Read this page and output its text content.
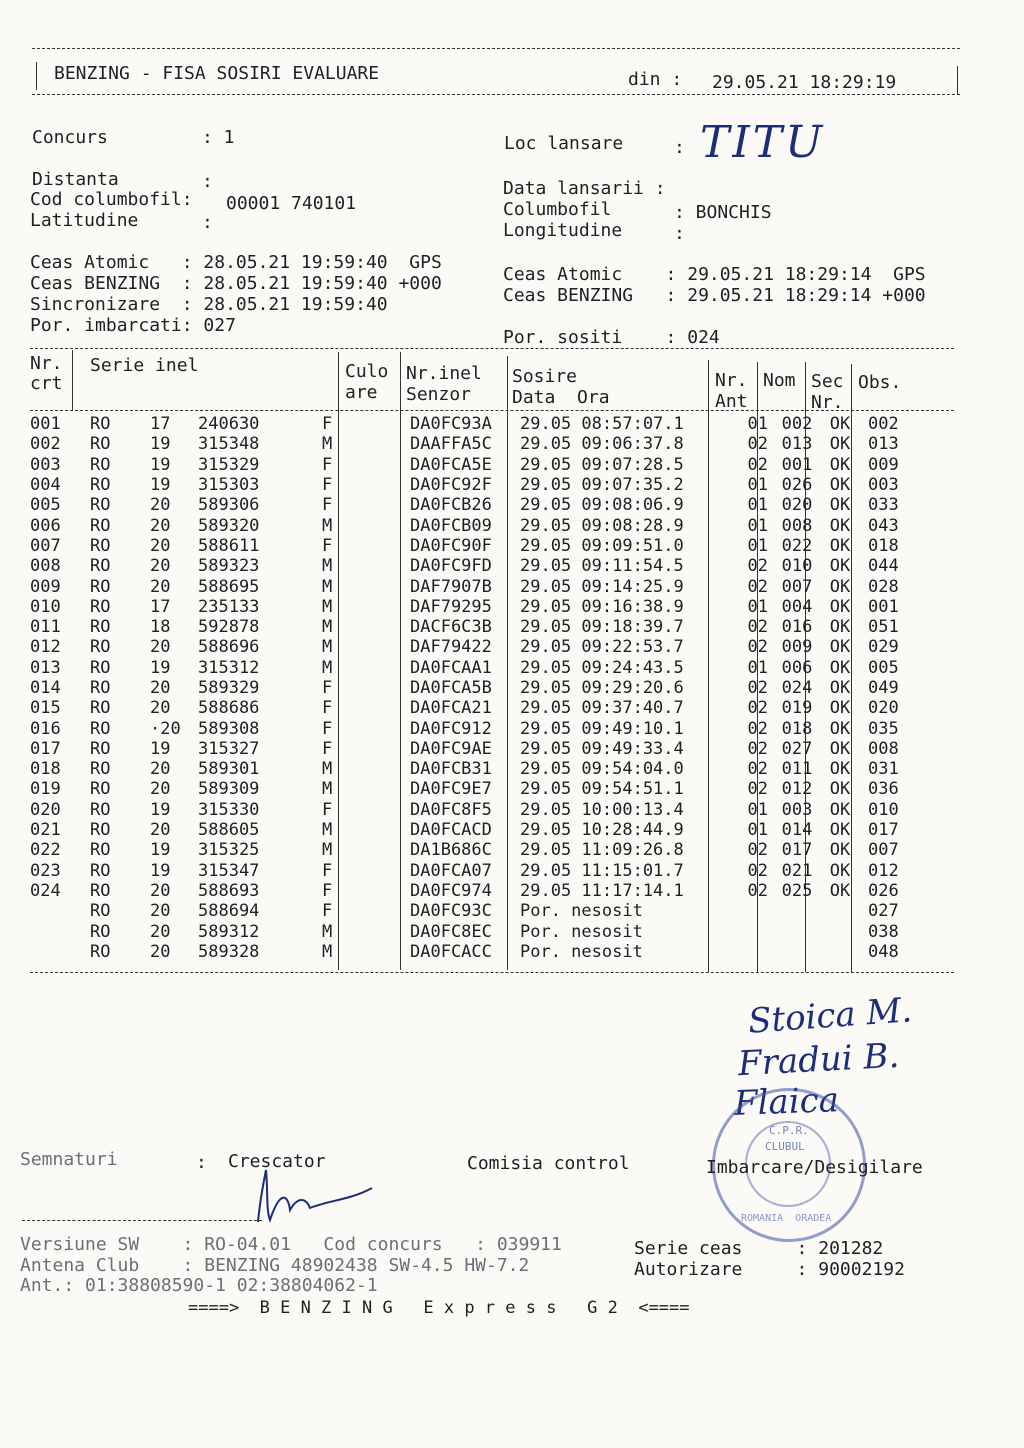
BENZING - FISA SOSIRI EVALUARE	din : 29.05.21 18:29:19
Concurs	: 1
Distanta	:
Cod columbofil: 00001 740101
Latitudine	:
Loc lansare	: TITU
Data lansarii :
Columbofil	: BONCHIS
Longitudine	:
Ceas Atomic   : 28.05.21 19:59:40  GPS
Ceas BENZING  : 28.05.21 19:59:40 +000
Sincronizare  : 28.05.21 19:59:40
Por. imbarcati: 027
Ceas Atomic    : 29.05.21 18:29:14  GPS
Ceas BENZING   : 29.05.21 18:29:14 +000
Por. sositi    : 024
Nr.
crt
Serie inel	Culo
are
Nr.inel
Senzor
Sosire
Data  Ora
Nr.
Ant
Nom Sec
Nr.
Obs.
001	RO	17	240630	F		DA0FC93A	29.05 08:57:07.1	01	002	OK	002
002	RO	19	315348	M		DAAFFA5C	29.05 09:06:37.8	02	013	OK	013
003	RO	19	315329	F		DA0FCA5E	29.05 09:07:28.5	02	001	OK	009
004	RO	19	315303	F		DA0FC92F	29.05 09:07:35.2	01	026	OK	003
005	RO	20	589306	F		DA0FCB26	29.05 09:08:06.9	01	020	OK	033
006	RO	20	589320	M		DA0FCB09	29.05 09:08:28.9	01	008	OK	043
007	RO	20	588611	F		DA0FC90F	29.05 09:09:51.0	01	022	OK	018
008	RO	20	589323	M		DA0FC9FD	29.05 09:11:54.5	02	010	OK	044
009	RO	20	588695	M		DAF7907B	29.05 09:14:25.9	02	007	OK	028
010	RO	17	235133	M		DAF79295	29.05 09:16:38.9	01	004	OK	001
011	RO	18	592878	M		DACF6C3B	29.05 09:18:39.7	02	016	OK	051
012	RO	20	588696	M		DAF79422	29.05 09:22:53.7	02	009	OK	029
013	RO	19	315312	M		DA0FCAA1	29.05 09:24:43.5	01	006	OK	005
014	RO	20	589329	F		DA0FCA5B	29.05 09:29:20.6	02	024	OK	049
015	RO	20	588686	F		DA0FCA21	29.05 09:37:40.7	02	019	OK	020
016	RO	·20	589308	F		DA0FC912	29.05 09:49:10.1	02	018	OK	035
017	RO	19	315327	F		DA0FC9AE	29.05 09:49:33.4	02	027	OK	008
018	RO	20	589301	M		DA0FCB31	29.05 09:54:04.0	02	011	OK	031
019	RO	20	589309	M		DA0FC9E7	29.05 09:54:51.1	02	012	OK	036
020	RO	19	315330	F		DA0FC8F5	29.05 10:00:13.4	01	003	OK	010
021	RO	20	588605	M		DA0FCACD	29.05 10:28:44.9	01	014	OK	017
022	RO	19	315325	M		DA1B686C	29.05 11:09:26.8	02	017	OK	007
023	RO	19	315347	F		DA0FCA07	29.05 11:15:01.7	02	021	OK	012
024	RO	20	588693	F		DA0FC974	29.05 11:17:14.1	02	025	OK	026
	RO	20	588694	F		DA0FC93C	Por. nesosit				027
	RO	20	589312	M		DA0FC8EC	Por. nesosit				038
	RO	20	589328	M		DA0FCACC	Por. nesosit				048
Stoica M.
Fradui B.
Flaica
C.P.R.
CLUBUL
ROMANIA  ORADEA
Semnaturi	: Crescator	Comisia control	Imbarcare/Desigilare
Versiune SW    : RO-04.01   Cod concurs   : 039911	Serie ceas     : 201282
Antena Club    : BENZING 48902438 SW-4.5 HW-7.2	Autorizare     : 90002192
Ant.: 01:38808590-1 02:38804062-1
====>  B E N Z I N G   E x p r e s s   G 2  <====
